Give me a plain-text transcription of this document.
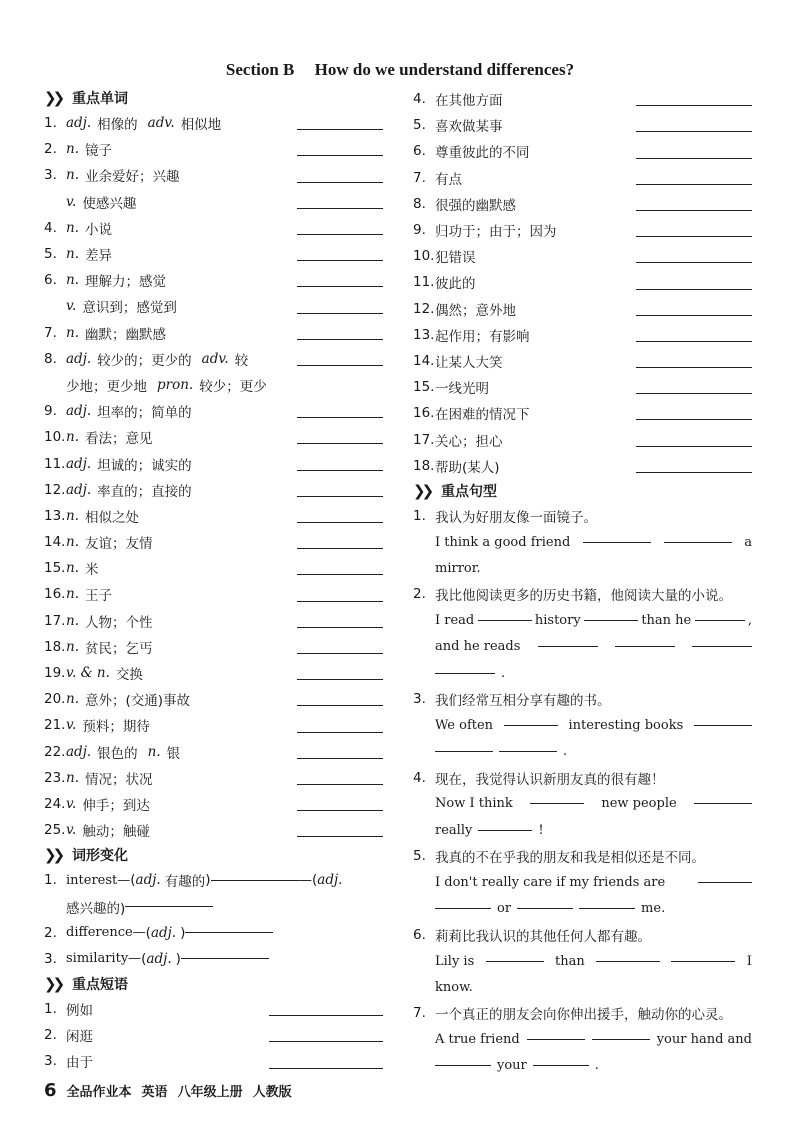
Section B How do we understand differences?
❯❯ 重点单词
1. adj. 相像的 adv. 相似地
2. n. 镜子
3. n. 业余爱好；兴趣
v. 使感兴趣
4. n. 小说
5. n. 差异
6. n. 理解力；感觉
v. 意识到；感觉到
7. n. 幽默；幽默感
8. adj. 较少的；更少的 adv. 较
少地；更少地 pron. 较少；更少
9. adj. 坦率的；简单的
10. n. 看法；意见
11. adj. 坦诚的；诚实的
12. adj. 率直的；直接的
13. n. 相似之处
14. n. 友谊；友情
15. n. 米
16. n. 王子
17. n. 人物；个性
18. n. 贫民；乞丐
19. v. & n. 交换
20. n. 意外；(交通)事故
21. v. 预料；期待
22. adj. 银色的 n. 银
23. n. 情况；状况
24. v. 伸手；到达
25. v. 触动；触碰
❯❯ 词形变化
1. interest— ( adj. 有趣的 )	—( adj.
感兴趣的)
2. difference— ( adj. )
3. similarity— ( adj. )
❯❯ 重点短语
1. 例如
2. 闲逛
3. 由于
4. 在其他方面
5. 喜欢做某事
6. 尊重彼此的不同
7. 有点
8. 很强的幽默感
9. 归功于；由于；因为
10. 犯错误
11. 彼此的
12. 偶然；意外地
13. 起作用；有影响
14. 让某人大笑
15. 一线光明
16. 在困难的情况下
17. 关心；担心
18. 帮助(某人)
❯❯ 重点句型
1. 我认为好朋友像一面镜子。
I think a good friend	a
mirror.
2. 我比他阅读更多的历史书籍，他阅读大量的小说。
I read	history	than he	,
and he reads
.
3. 我们经常互相分享有趣的书。
We often	interesting books
.
4. 现在，我觉得认识新朋友真的很有趣！
Now I think	new people
really	!
5. 我真的不在乎我的朋友和我是相似还是不同。
I don't really care if my friends are
or	me.
6. 莉莉比我认识的其他任何人都有趣。
Lily is	than	I
know.
7. 一个真正的朋友会向你伸出援手，触动你的心灵。
A true friend	your hand and
your	.
6 全品作业本 英语 八年级上册 人教版
